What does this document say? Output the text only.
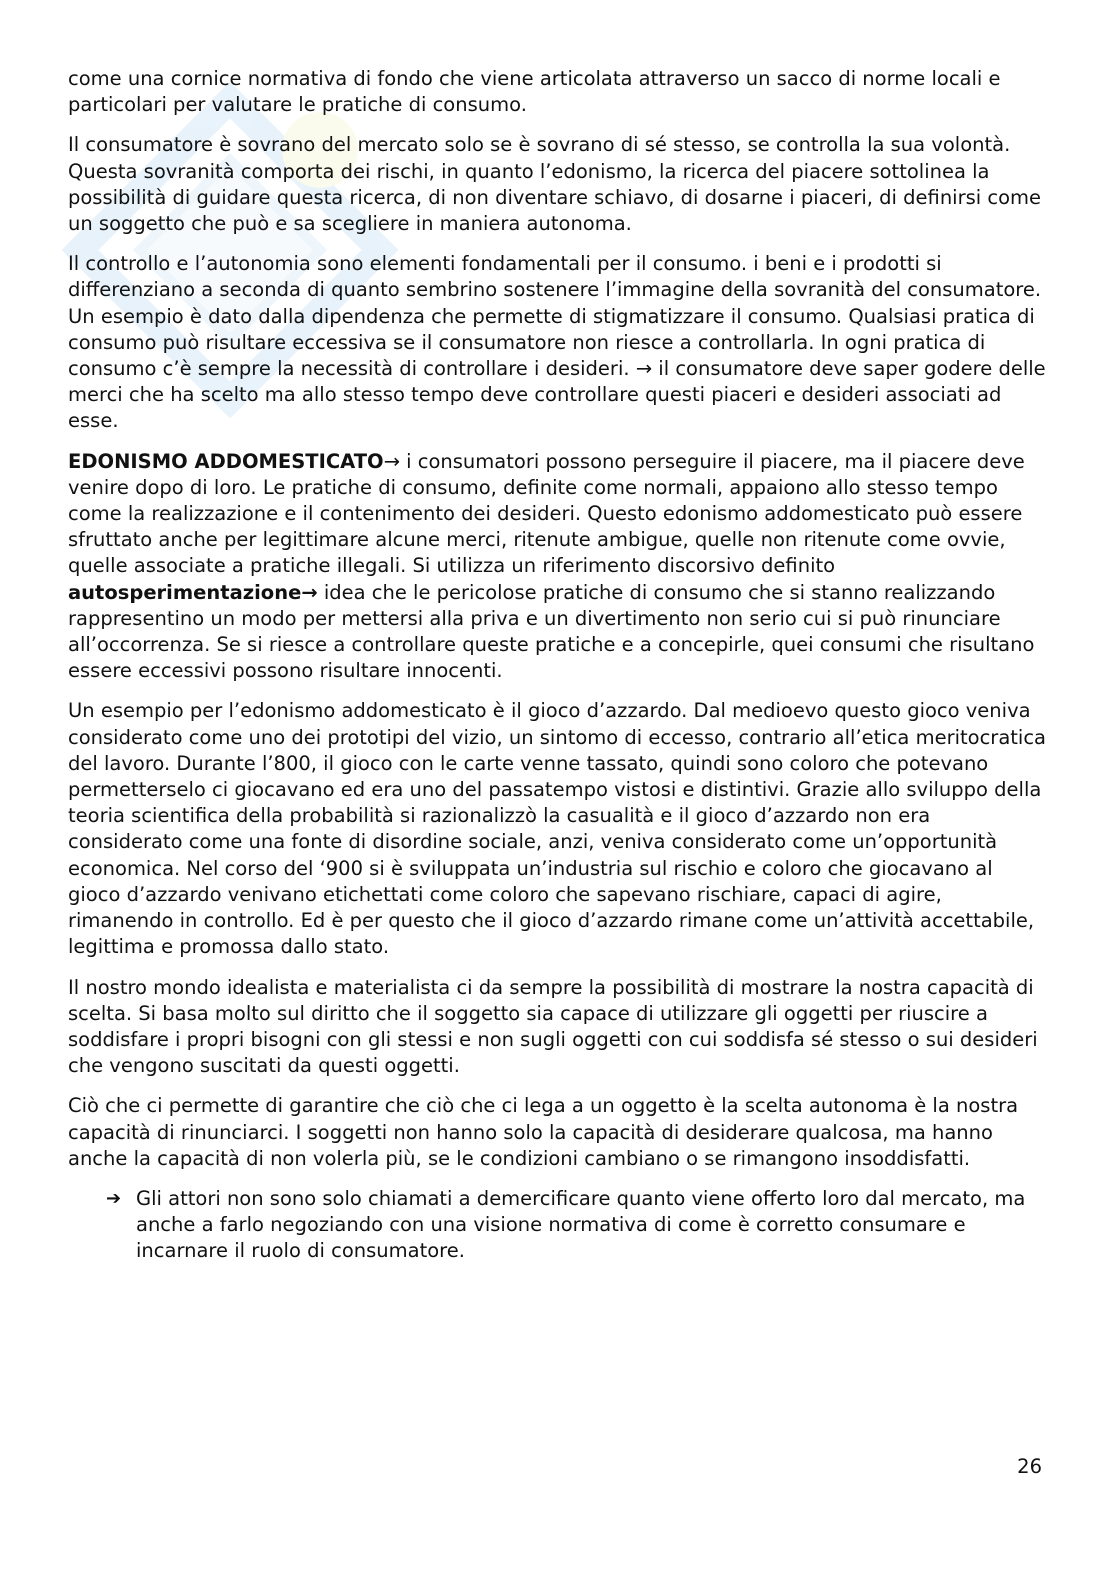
come una cornice normativa di fondo che viene articolata attraverso un sacco di norme locali e particolari per valutare le pratiche di consumo.

Il consumatore è sovrano del mercato solo se è sovrano di sé stesso, se controlla la sua volontà. Questa sovranità comporta dei rischi, in quanto l’edonismo, la ricerca del piacere sottolinea la possibilità di guidare questa ricerca, di non diventare schiavo, di dosarne i piaceri, di definirsi come un soggetto che può e sa scegliere in maniera autonoma.

Il controllo e l’autonomia sono elementi fondamentali per il consumo. i beni e i prodotti si differenziano a seconda di quanto sembrino sostenere l’immagine della sovranità del consumatore. Un esempio è dato dalla dipendenza che permette di stigmatizzare il consumo. Qualsiasi pratica di consumo può risultare eccessiva se il consumatore non riesce a controllarla. In ogni pratica di consumo c’è sempre la necessità di controllare i desideri. → il consumatore deve saper godere delle merci che ha scelto ma allo stesso tempo deve controllare questi piaceri e desideri associati ad esse.

EDONISMO ADDOMESTICATO→ i consumatori possono perseguire il piacere, ma il piacere deve venire dopo di loro. Le pratiche di consumo, definite come normali, appaiono allo stesso tempo come la realizzazione e il contenimento dei desideri. Questo edonismo addomesticato può essere sfruttato anche per legittimare alcune merci, ritenute ambigue, quelle non ritenute come ovvie, quelle associate a pratiche illegali. Si utilizza un riferimento discorsivo definito autosperimentazione→ idea che le pericolose pratiche di consumo che si stanno realizzando rappresentino un modo per mettersi alla priva e un divertimento non serio cui si può rinunciare all’occorrenza. Se si riesce a controllare queste pratiche e a concepirle, quei consumi che risultano essere eccessivi possono risultare innocenti.

Un esempio per l’edonismo addomesticato è il gioco d’azzardo. Dal medioevo questo gioco veniva considerato come uno dei prototipi del vizio, un sintomo di eccesso, contrario all’etica meritocratica del lavoro. Durante l’800, il gioco con le carte venne tassato, quindi sono coloro che potevano permetterselo ci giocavano ed era uno del passatempo vistosi e distintivi. Grazie allo sviluppo della teoria scientifica della probabilità si razionalizzò la casualità e il gioco d’azzardo non era considerato come una fonte di disordine sociale, anzi, veniva considerato come un’opportunità economica. Nel corso del ‘900 si è sviluppata un’industria sul rischio e coloro che giocavano al gioco d’azzardo venivano etichettati come coloro che sapevano rischiare, capaci di agire, rimanendo in controllo. Ed è per questo che il gioco d’azzardo rimane come un’attività accettabile, legittima e promossa dallo stato.

Il nostro mondo idealista e materialista ci da sempre la possibilità di mostrare la nostra capacità di scelta. Si basa molto sul diritto che il soggetto sia capace di utilizzare gli oggetti per riuscire a soddisfare i propri bisogni con gli stessi e non sugli oggetti con cui soddisfa sé stesso o sui desideri che vengono suscitati da questi oggetti.

Ciò che ci permette di garantire che ciò che ci lega a un oggetto è la scelta autonoma è la nostra capacità di rinunciarci. I soggetti non hanno solo la capacità di desiderare qualcosa, ma hanno anche la capacità di non volerla più, se le condizioni cambiano o se rimangono insoddisfatti.

➔ Gli attori non sono solo chiamati a demercificare quanto viene offerto loro dal mercato, ma anche a farlo negoziando con una visione normativa di come è corretto consumare e incarnare il ruolo di consumatore.
26
